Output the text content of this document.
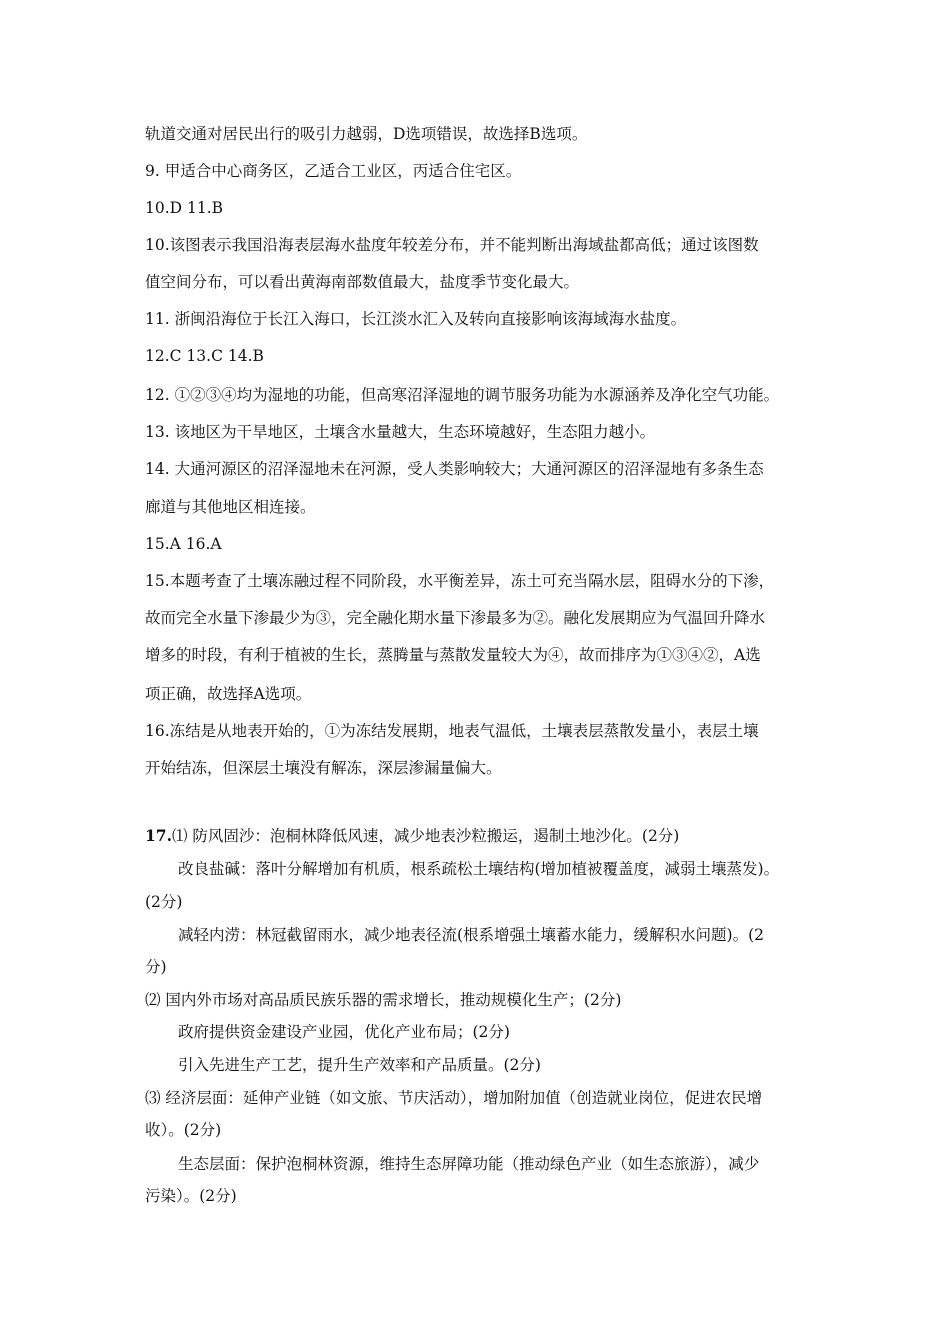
轨道交通对居民出行的吸引力越弱，D选项错误，故选择B选项。
9. 甲适合中心商务区，乙适合工业区，丙适合住宅区。
10.D 11.B
10.该图表示我国沿海表层海水盐度年较差分布，并不能判断出海域盐都高低；通过该图数
值空间分布，可以看出黄海南部数值最大，盐度季节变化最大。
11. 浙闽沿海位于长江入海口，长江淡水汇入及转向直接影响该海域海水盐度。
12.C 13.C 14.B
12. ①②③④均为湿地的功能，但高寒沼泽湿地的调节服务功能为水源涵养及净化空气功能。
13. 该地区为干旱地区，土壤含水量越大，生态环境越好，生态阻力越小。
14. 大通河源区的沼泽湿地未在河源，受人类影响较大；大通河源区的沼泽湿地有多条生态
廊道与其他地区相连接。
15.A 16.A
15.本题考查了土壤冻融过程不同阶段，水平衡差异，冻土可充当隔水层，阻碍水分的下渗，
故而完全水量下渗最少为③，完全融化期水量下渗最多为②。融化发展期应为气温回升降水
增多的时段，有利于植被的生长，蒸腾量与蒸散发量较大为④，故而排序为①③④②，A选
项正确，故选择A选项。
16.冻结是从地表开始的，①为冻结发展期，地表气温低，土壤表层蒸散发量小，表层土壤
开始结冻，但深层土壤没有解冻，深层渗漏量偏大。
17.⑴ 防风固沙：泡桐林降低风速，减少地表沙粒搬运，遏制土地沙化。(2分)
改良盐碱：落叶分解增加有机质，根系疏松土壤结构(增加植被覆盖度，减弱土壤蒸发)。
(2分)
减轻内涝：林冠截留雨水，减少地表径流(根系增强土壤蓄水能力，缓解积水问题)。(2
分)
⑵ 国内外市场对高品质民族乐器的需求增长，推动规模化生产；(2分)
政府提供资金建设产业园，优化产业布局；(2分)
引入先进生产工艺，提升生产效率和产品质量。(2分)
⑶ 经济层面：延伸产业链（如文旅、节庆活动），增加附加值（创造就业岗位，促进农民增
收）。(2分)
生态层面：保护泡桐林资源，维持生态屏障功能（推动绿色产业（如生态旅游），减少
污染）。(2分)
